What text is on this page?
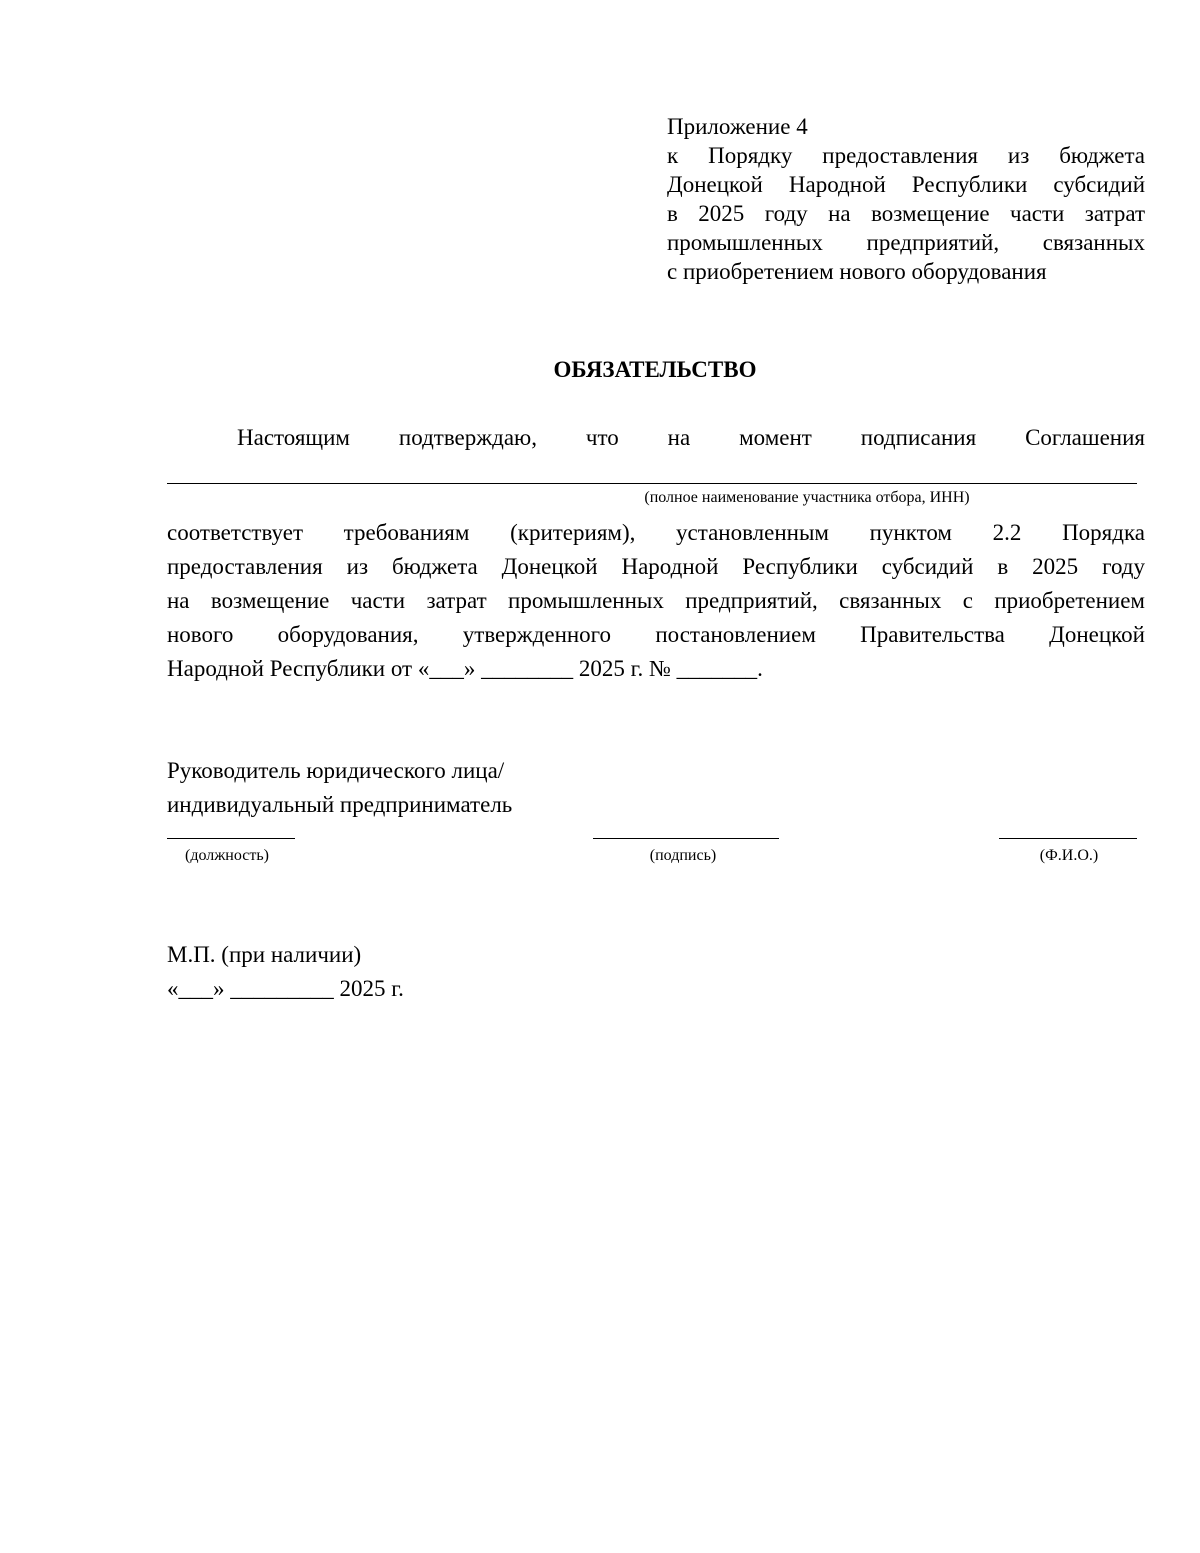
Приложение 4
к Порядку предоставления из бюджета
Донецкой Народной Республики субсидий
в 2025 году на возмещение части затрат
промышленных предприятий, связанных
с приобретением нового оборудования
ОБЯЗАТЕЛЬСТВО
Настоящим подтверждаю, что на момент подписания Соглашения
(полное наименование участника отбора, ИНН)
соответствует требованиям (критериям), установленным пунктом 2.2 Порядка
предоставления из бюджета Донецкой Народной Республики субсидий в 2025 году
на возмещение части затрат промышленных предприятий, связанных с приобретением
нового оборудования, утвержденного постановлением Правительства Донецкой
Народной Республики от «___» ________ 2025 г. № _______.
Руководитель юридического лица/
индивидуальный предприниматель
(должность)	(подпись)	(Ф.И.О.)
М.П. (при наличии)
«___» _________ 2025 г.
